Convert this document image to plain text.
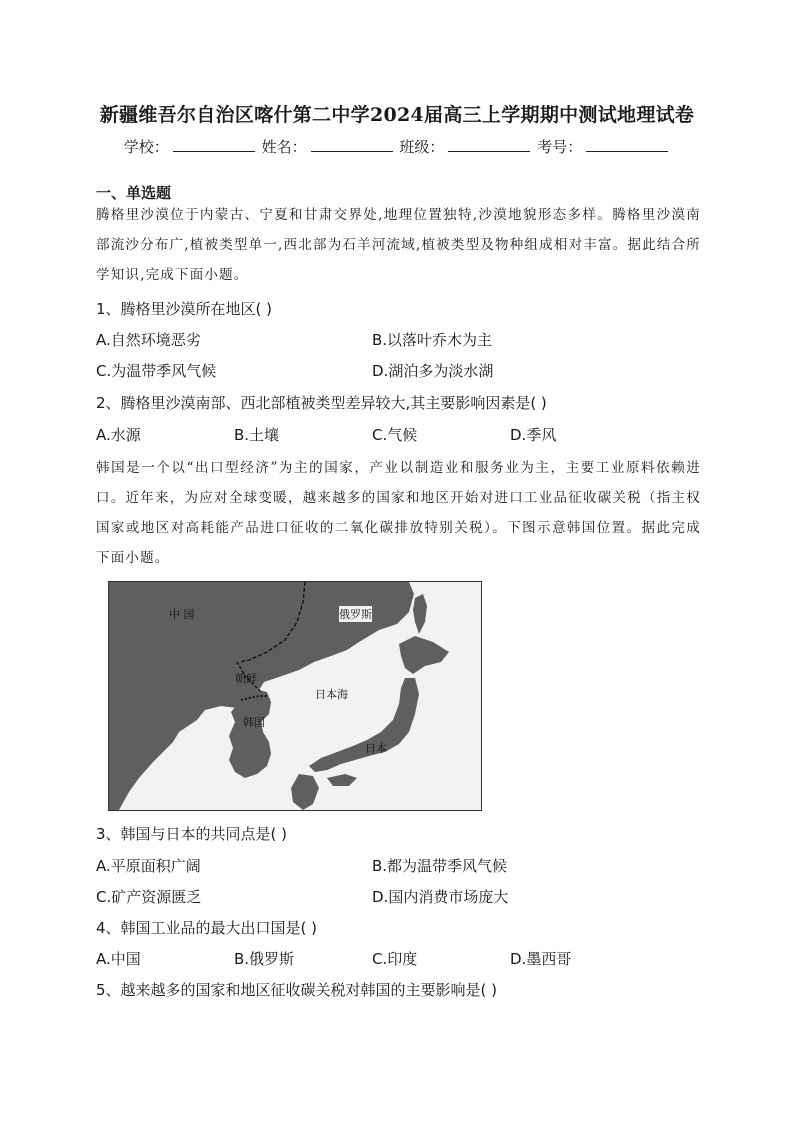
新疆维吾尔自治区喀什第二中学2024届高三上学期期中测试地理试卷
学校：	姓名：	班级：	考号：
一、单选题
腾格里沙漠位于内蒙古、宁夏和甘肃交界处,地理位置独特,沙漠地貌形态多样。腾格里沙漠南部流沙分布广,植被类型单一,西北部为石羊河流域,植被类型及物种组成相对丰富。据此结合所学知识,完成下面小题。
1、腾格里沙漠所在地区( )
A.自然环境恶劣	B.以落叶乔木为主
C.为温带季风气候	D.湖泊多为淡水湖
2、腾格里沙漠南部、西北部植被类型差异较大,其主要影响因素是( )
A.水源	B.土壤	C.气候	D.季风
韩国是一个以“出口型经济”为主的国家，产业以制造业和服务业为主，主要工业原料依赖进口。近年来，为应对全球变暖，越来越多的国家和地区开始对进口工业品征收碳关税（指主权国家或地区对高耗能产品进口征收的二氧化碳排放特别关税）。下图示意韩国位置。据此完成下面小题。
中 国	俄罗斯
朝鲜
韩国
日本海
日本
3、韩国与日本的共同点是( )
A.平原面积广阔	B.都为温带季风气候
C.矿产资源匮乏	D.国内消费市场庞大
4、韩国工业品的最大出口国是( )
A.中国	B.俄罗斯	C.印度	D.墨西哥
5、越来越多的国家和地区征收碳关税对韩国的主要影响是( )
